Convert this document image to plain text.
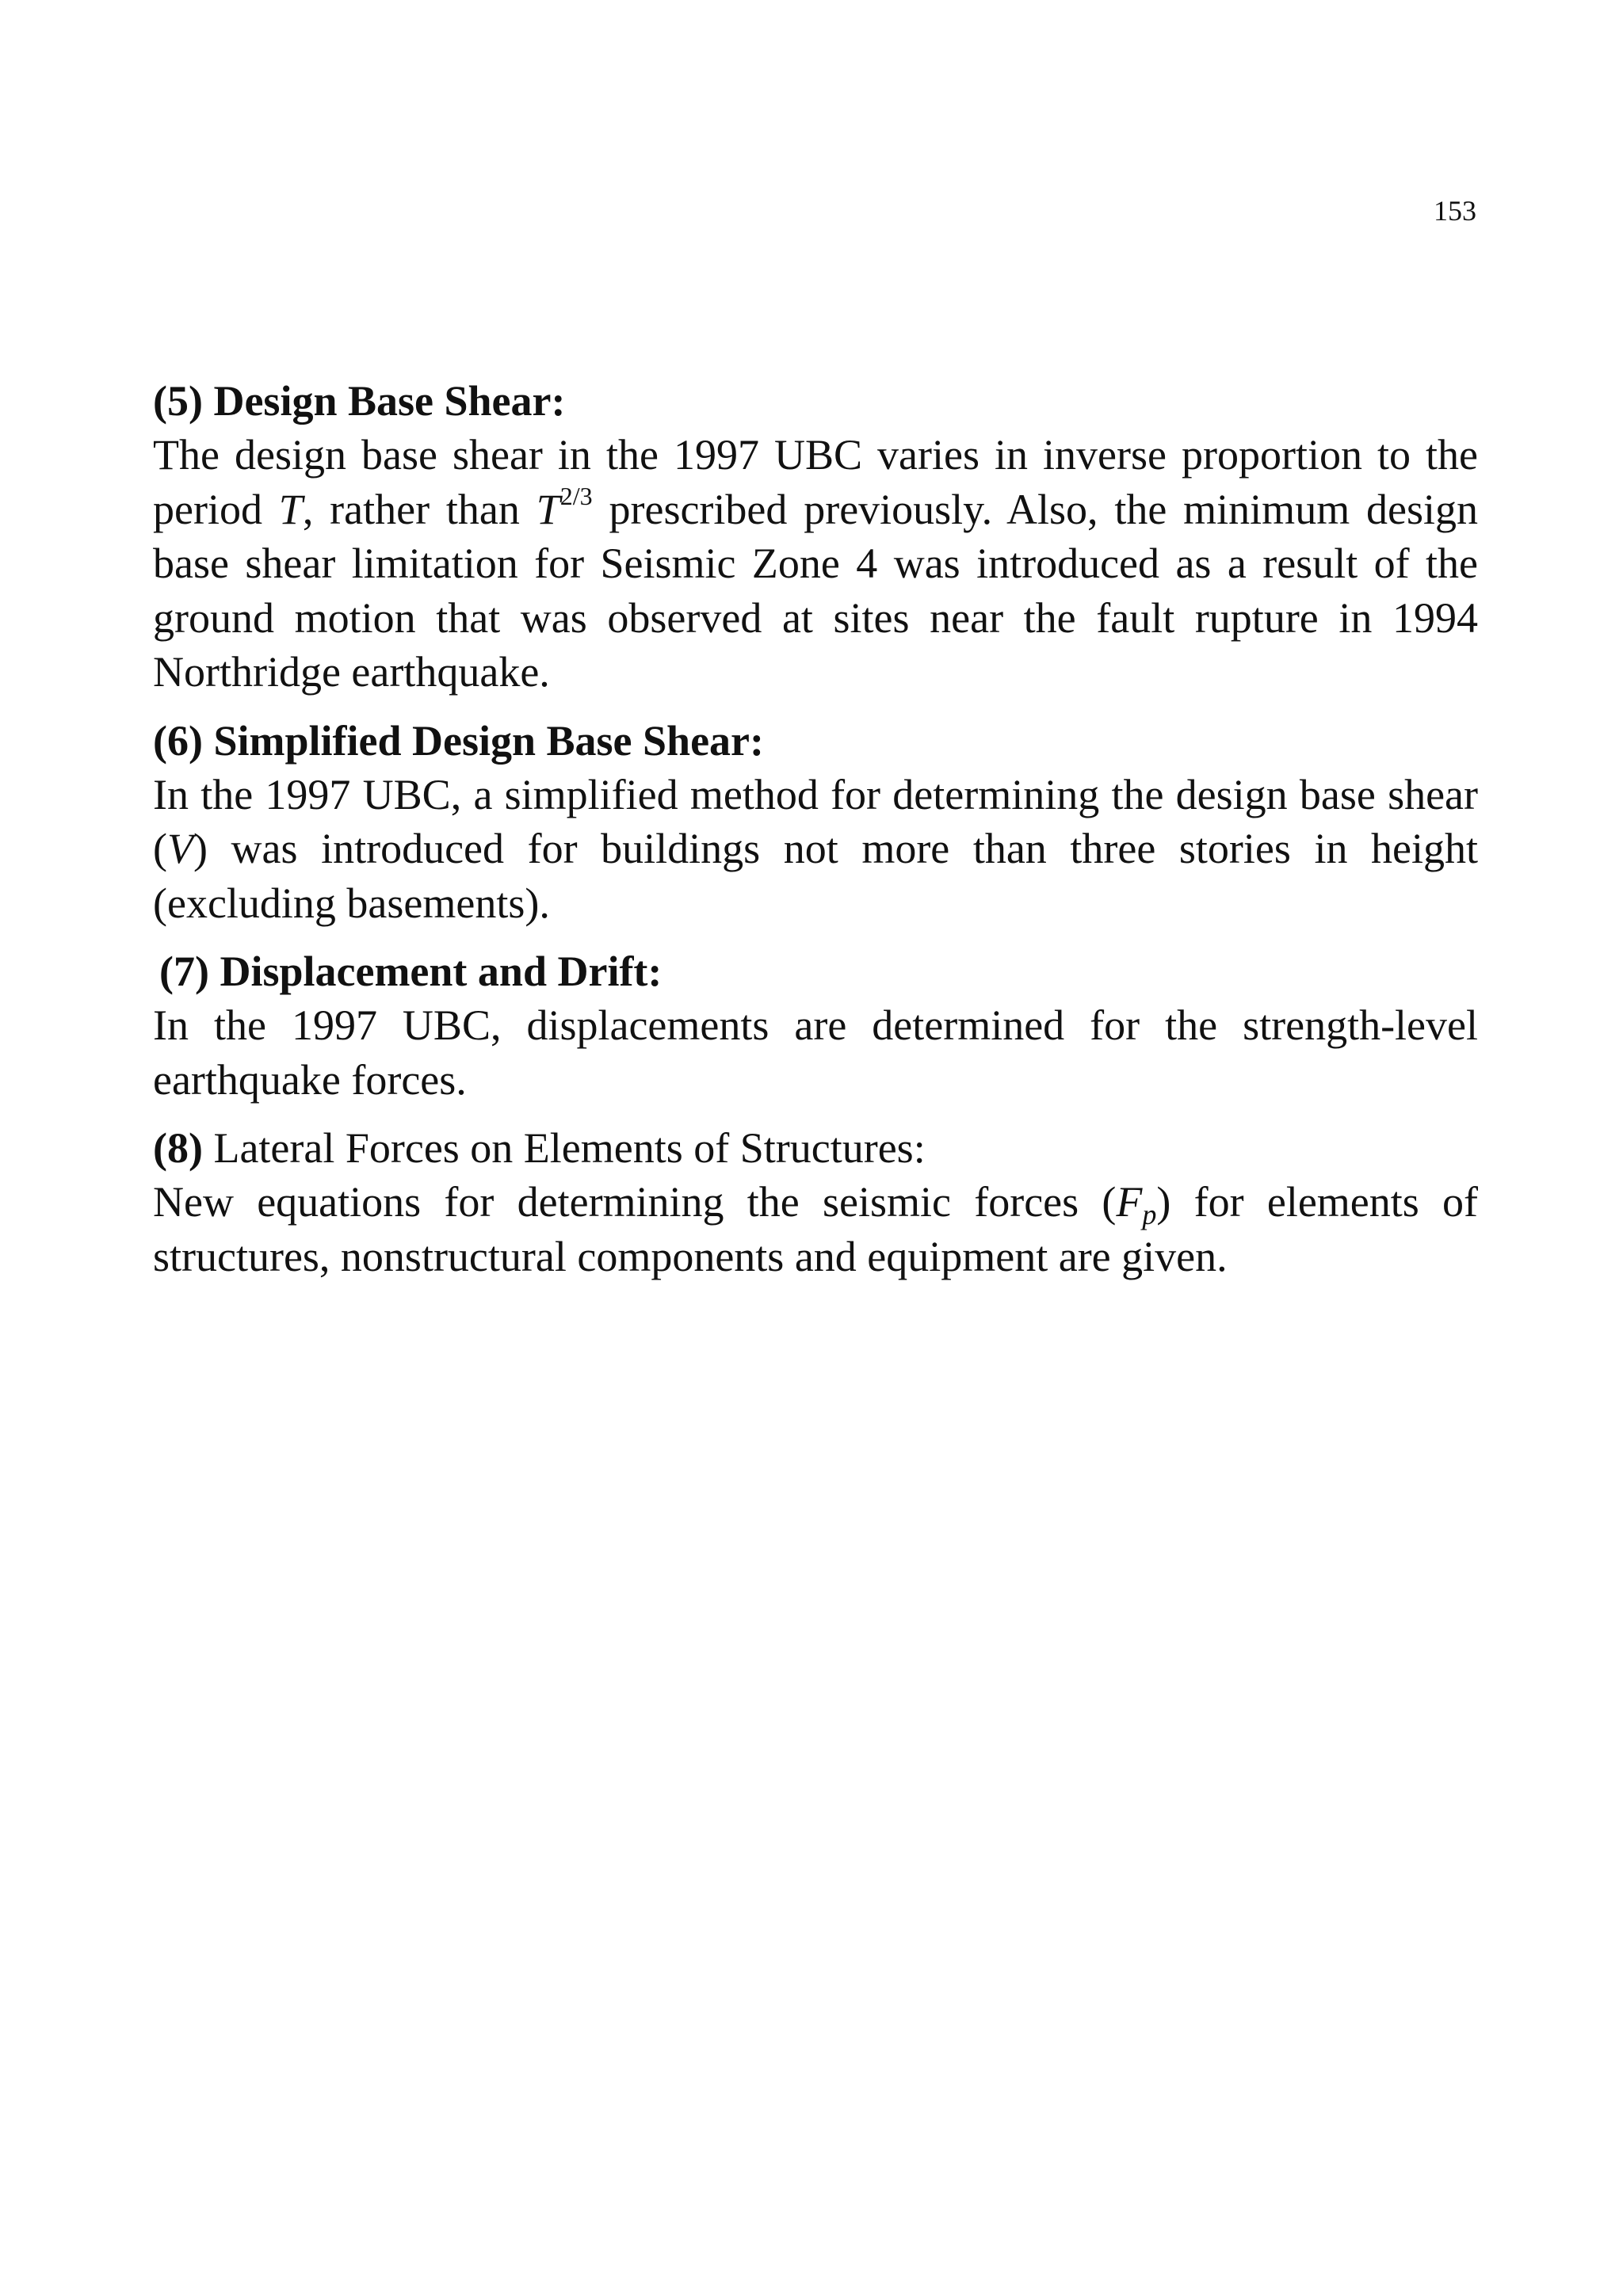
153

(5) Design Base Shear:

The design base shear in the 1997 UBC varies in inverse proportion to the period T, rather than $T^{2/3}$ prescribed previously. Also, the minimum design base shear limitation for Seismic Zone 4 was introduced as a result of the ground motion that was observed at sites near the fault rupture in 1994 Northridge earthquake.

(6) Simplified Design Base Shear:

In the 1997 UBC, a simplified method for determining the design base shear (V) was introduced for buildings not more than three stories in height (excluding basements).

(7) Displacement and Drift:

In the 1997 UBC, displacements are determined for the strength-level earthquake forces.

(8) Lateral Forces on Elements of Structures:

New equations for determining the seismic forces $(F_p)$ for elements of structures, nonstructural components and equipment are given.
